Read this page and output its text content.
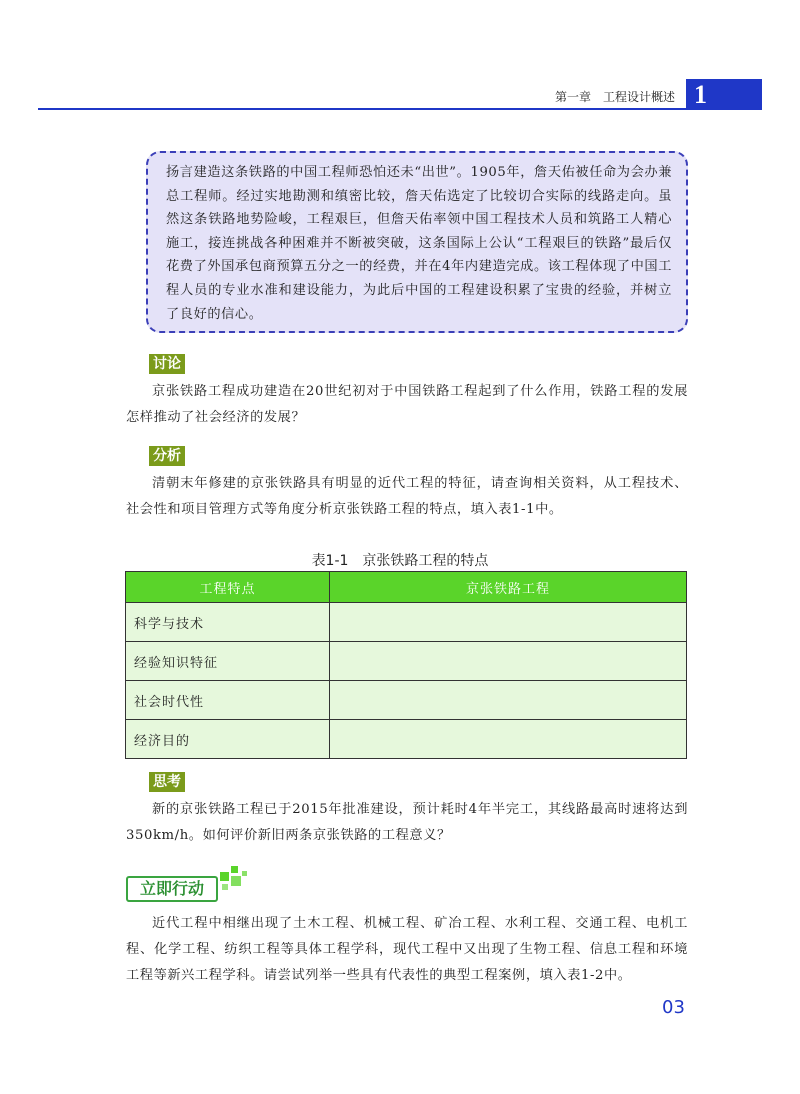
第一章　工程设计概述 1
扬言建造这条铁路的中国工程师恐怕还未“出世”。1905年，詹天佑被任命为会办兼总工程师。经过实地勘测和缜密比较，詹天佑选定了比较切合实际的线路走向。虽然这条铁路地势险峻，工程艰巨，但詹天佑率领中国工程技术人员和筑路工人精心施工，接连挑战各种困难并不断被突破，这条国际上公认“工程艰巨的铁路”最后仅花费了外国承包商预算五分之一的经费，并在4年内建造完成。该工程体现了中国工程人员的专业水准和建设能力，为此后中国的工程建设积累了宝贵的经验，并树立了良好的信心。
讨论
京张铁路工程成功建造在20世纪初对于中国铁路工程起到了什么作用，铁路工程的发展怎样推动了社会经济的发展？
分析
清朝末年修建的京张铁路具有明显的近代工程的特征，请查询相关资料，从工程技术、社会性和项目管理方式等角度分析京张铁路工程的特点，填入表1-1中。
表1-1　京张铁路工程的特点
工程特点	京张铁路工程
科学与技术	
经验知识特征	
社会时代性	
经济目的	
思考
新的京张铁路工程已于2015年批准建设，预计耗时4年半完工，其线路最高时速将达到350km/h。如何评价新旧两条京张铁路的工程意义？
立即行动
近代工程中相继出现了土木工程、机械工程、矿冶工程、水利工程、交通工程、电机工程、化学工程、纺织工程等具体工程学科，现代工程中又出现了生物工程、信息工程和环境工程等新兴工程学科。请尝试列举一些具有代表性的典型工程案例，填入表1-2中。
03
